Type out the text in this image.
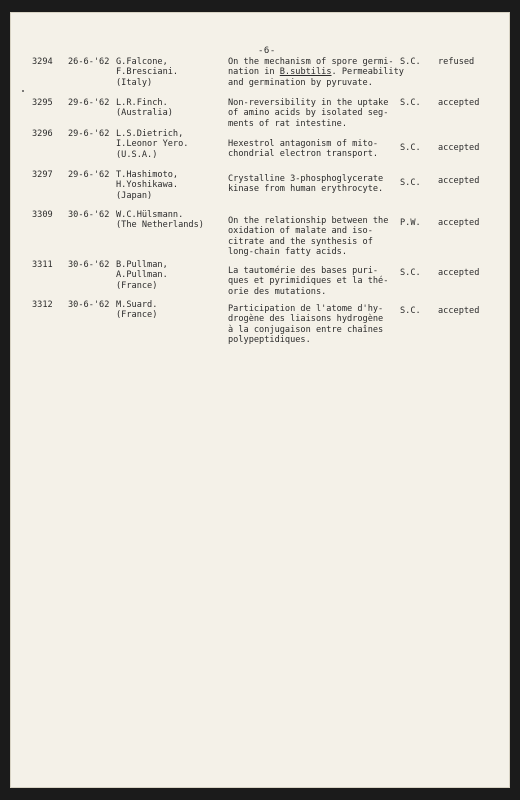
-6-
3294	26-6-'62 G.Falcone,
F.Bresciani.
(Italy)
On the mechanism of spore germi-
nation in B.subtilis. Permeability
and germination by pyruvate.
S.C.	refused
3295	29-6-'62 L.R.Finch.
(Australia)
Non-reversibility in the uptake
of amino acids by isolated seg-
ments of rat intestine.
S.C.	accepted
3296	29-6-'62 L.S.Dietrich,
I.Leonor Yero.
(U.S.A.)
Hexestrol antagonism of mito-
chondrial electron transport.
S.C.	accepted
3297	29-6-'62 T.Hashimoto,
H.Yoshikawa.
(Japan)
Crystalline 3-phosphoglycerate
kinase from human erythrocyte.
S.C.	accepted
3309	30-6-'62 W.C.Hülsmann.
(The Netherlands)	On the relationship between the
oxidation of malate and iso-
citrate and the synthesis of
long-chain fatty acids.
P.W.	accepted
3311	30-6-'62 B.Pullman,
A.Pullman.
(France)
La tautomérie des bases puri-
ques et pyrimidiques et la thé-
orie des mutations.
S.C.	accepted
3312	30-6-'62 M.Suard.
(France)
Participation de l'atome d'hy-
drogène des liaisons hydrogène
à la conjugaison entre chaînes
polypeptidiques.
S.C.	accepted
